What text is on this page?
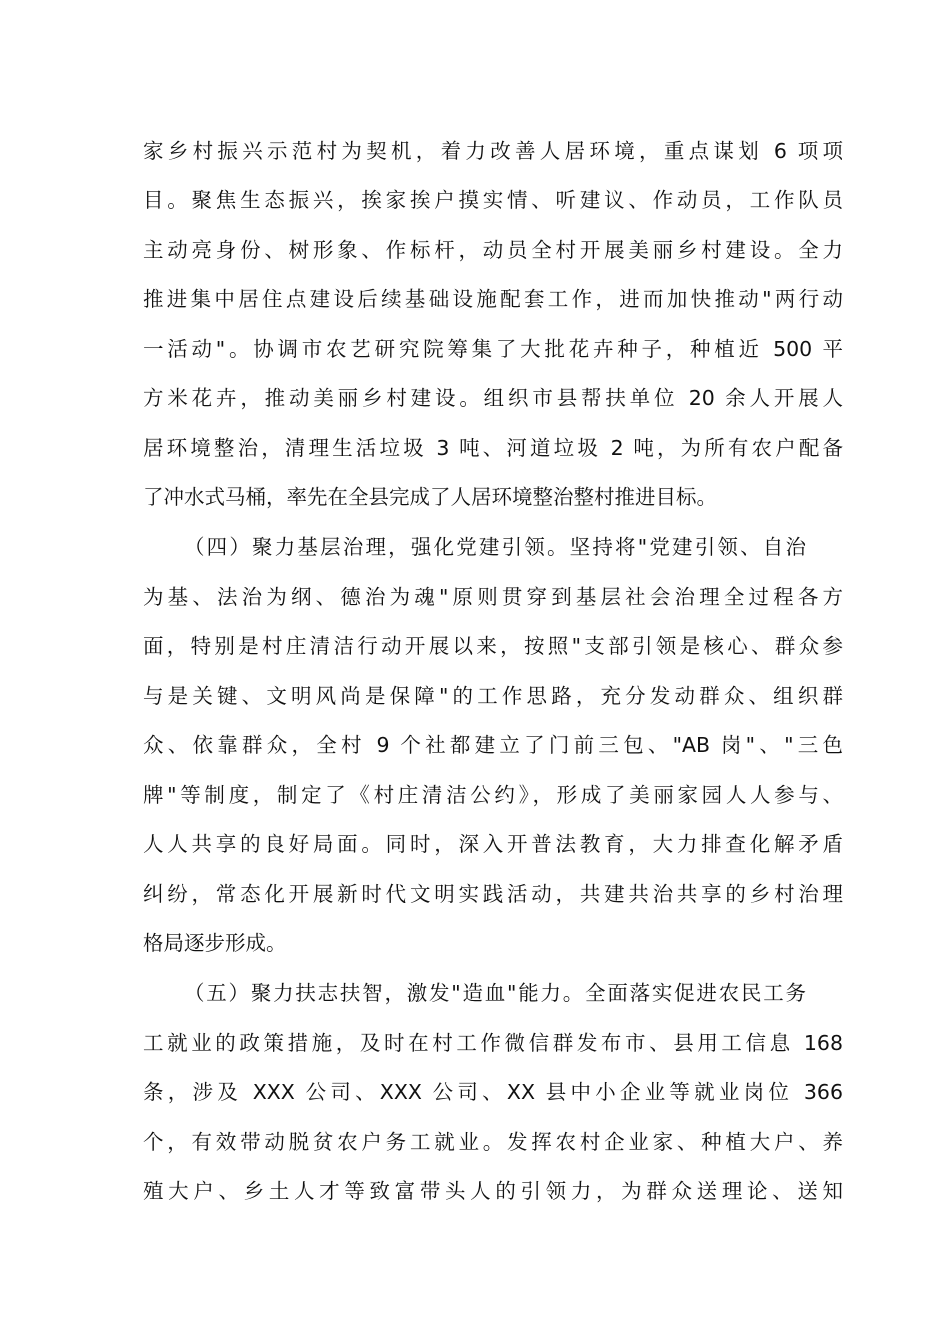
家乡村振兴示范村为契机，着力改善人居环境，重点谋划 6 项项
目。聚焦生态振兴，挨家挨户摸实情、听建议、作动员，工作队员
主动亮身份、树形象、作标杆，动员全村开展美丽乡村建设。全力
推进集中居住点建设后续基础设施配套工作，进而加快推动"两行动
一活动"。协调市农艺研究院筹集了大批花卉种子，种植近 500 平
方米花卉，推动美丽乡村建设。组织市县帮扶单位 20 余人开展人
居环境整治，清理生活垃圾 3 吨、河道垃圾 2 吨，为所有农户配备
了冲水式马桶，率先在全县完成了人居环境整治整村推进目标。
（四）聚力基层治理，强化党建引领。坚持将"党建引领、自治
为基、法治为纲、德治为魂"原则贯穿到基层社会治理全过程各方
面，特别是村庄清洁行动开展以来，按照"支部引领是核心、群众参
与是关键、文明风尚是保障"的工作思路，充分发动群众、组织群
众、依靠群众，全村 9 个社都建立了门前三包、"AB 岗"、"三色
牌"等制度，制定了《村庄清洁公约》，形成了美丽家园人人参与、
人人共享的良好局面。同时，深入开普法教育，大力排查化解矛盾
纠纷，常态化开展新时代文明实践活动，共建共治共享的乡村治理
格局逐步形成。
（五）聚力扶志扶智，激发"造血"能力。全面落实促进农民工务
工就业的政策措施，及时在村工作微信群发布市、县用工信息 168
条，涉及 XXX 公司、XXX 公司、XX 县中小企业等就业岗位 366
个，有效带动脱贫农户务工就业。发挥农村企业家、种植大户、养
殖大户、乡土人才等致富带头人的引领力，为群众送理论、送知
